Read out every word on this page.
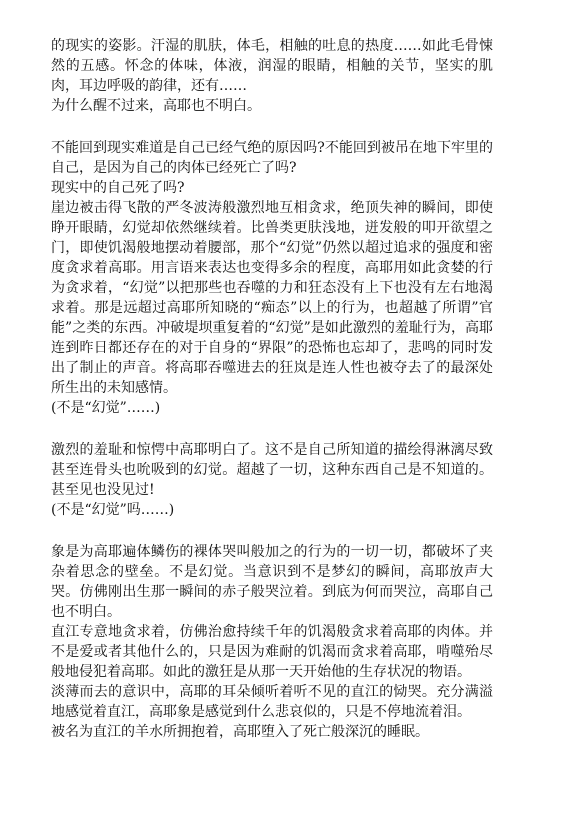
的现实的姿影。汗湿的肌肤，体毛，相触的吐息的热度……如此毛骨悚然的五感。怀念的体味，体液，润湿的眼睛，相触的关节，坚实的肌肉，耳边呼吸的韵律，还有……

为什么醒不过来，高耶也不明白。

不能回到现实难道是自己已经气绝的原因吗?不能回到被吊在地下牢里的自己，是因为自己的肉体已经死亡了吗?

现实中的自己死了吗?

崖边被击得飞散的严冬波涛般激烈地互相贪求，绝顶失神的瞬间，即使睁开眼睛，幻觉却依然继续着。比兽类更肤浅地，迸发般的叩开欲望之门，即使饥渴般地摆动着腰部，那个“幻觉”仍然以超过追求的强度和密度贪求着高耶。用言语来表达也变得多余的程度，高耶用如此贪婪的行为贪求着，“幻觉”以把那些也吞噬的力和狂态没有上下也没有左右地渴求着。那是远超过高耶所知晓的“痴态”以上的行为，也超越了所谓”官能”之类的东西。冲破堤坝重复着的“幻觉”是如此激烈的羞耻行为，高耶连到昨日都还存在的对于自身的“界限”的恐怖也忘却了，悲鸣的同时发出了制止的声音。将高耶吞噬进去的狂岚是连人性也被夺去了的最深处所生出的未知感情。

(不是“幻觉”……)

激烈的羞耻和惊愕中高耶明白了。这不是自己所知道的描绘得淋漓尽致甚至连骨头也吮吸到的幻觉。超越了一切，这种东西自己是不知道的。甚至见也没见过!

(不是“幻觉”吗……)

象是为高耶遍体鳞伤的裸体哭叫般加之的行为的一切一切，都破坏了夹杂着思念的壁垒。不是幻觉。当意识到不是梦幻的瞬间，高耶放声大哭。仿佛刚出生那一瞬间的赤子般哭泣着。到底为何而哭泣，高耶自己也不明白。

直江专意地贪求着，仿佛治愈持续千年的饥渴般贪求着高耶的肉体。并不是爱或者其他什么的，只是因为难耐的饥渴而贪求着高耶，啃噬殆尽般地侵犯着高耶。如此的激狂是从那一天开始他的生存状况的物语。

淡薄而去的意识中，高耶的耳朵倾听着听不见的直江的恸哭。充分满溢地感觉着直江，高耶象是感觉到什么悲哀似的，只是不停地流着泪。

被名为直江的羊水所拥抱着，高耶堕入了死亡般深沉的睡眠。
